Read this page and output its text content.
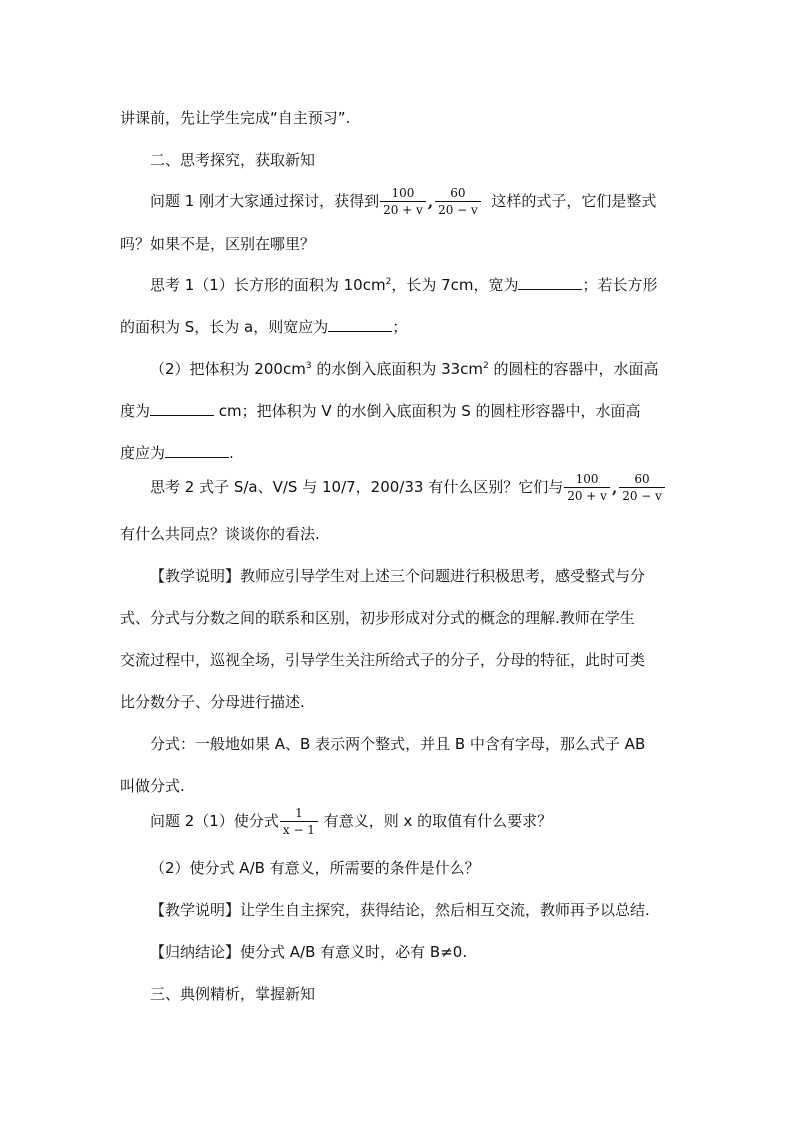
讲课前，先让学生完成“自主预习”.
二、思考探究，获取新知
问题 1 刚才大家通过探讨，获得到 $\frac{100}{20 + v}$ , $\frac{60}{20 - v}$ 这样的式子，它们是整式
吗？如果不是，区别在哪里？
思考 1（1）长方形的面积为 $10cm^2$，长为 7cm，宽为	；若长方形
的面积为 S，长为 a，则宽应为	；
（2）把体积为 $200cm^3$ 的水倒入底面积为 $33cm^2$ 的圆柱的容器中，水面高
度为	cm；把体积为 V 的水倒入底面积为 S 的圆柱形容器中，水面高
度应为	.
思考 2 式子 S/a、V/S 与 10/7，200/33 有什么区别？它们与 $\frac{100}{20 + v}$ , $\frac{60}{20 - v}$
有什么共同点？谈谈你的看法.
【教学说明】教师应引导学生对上述三个问题进行积极思考，感受整式与分
式、分式与分数之间的联系和区别，初步形成对分式的概念的理解.教师在学生
交流过程中，巡视全场，引导学生关注所给式子的分子，分母的特征，此时可类
比分数分子、分母进行描述.
分式：一般地如果 A、B 表示两个整式，并且 B 中含有字母，那么式子 AB
叫做分式.
问题 2（1）使分式 $\frac{1}{x - 1}$ 有意义，则 x 的取值有什么要求？
（2）使分式 A/B 有意义，所需要的条件是什么？
【教学说明】让学生自主探究，获得结论，然后相互交流，教师再予以总结.
【归纳结论】使分式 A/B 有意义时，必有 B≠0.
三、典例精析，掌握新知
